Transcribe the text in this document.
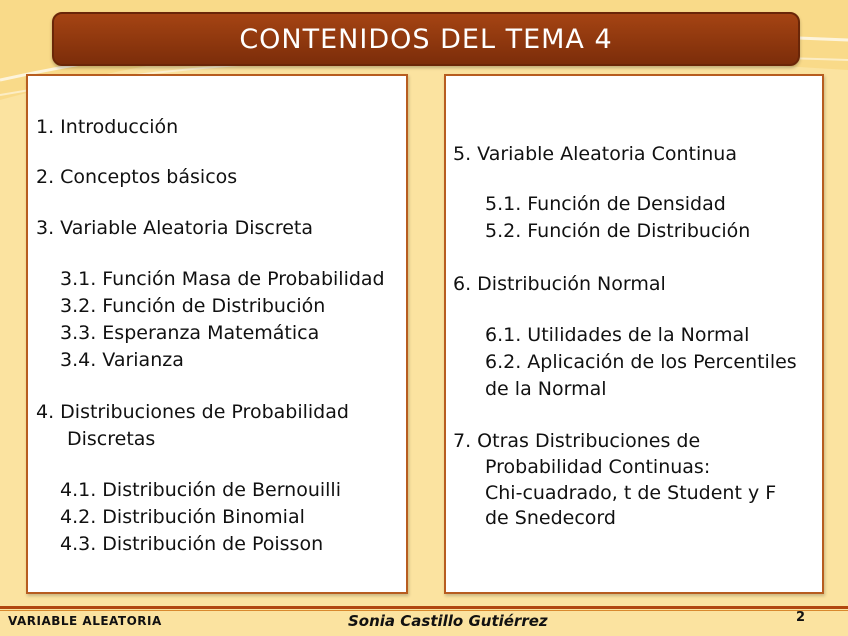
CONTENIDOS DEL TEMA 4
1. Introducción
2. Conceptos básicos
3. Variable Aleatoria Discreta
3.1. Función Masa de Probabilidad
3.2. Función de Distribución
3.3. Esperanza Matemática
3.4. Varianza
4. Distribuciones de Probabilidad
Discretas
4.1. Distribución de Bernouilli
4.2. Distribución Binomial
4.3. Distribución de Poisson
5. Variable Aleatoria Continua
5.1. Función de Densidad
5.2. Función de Distribución
6. Distribución Normal
6.1. Utilidades de la Normal
6.2. Aplicación de los Percentiles
de la Normal
7. Otras Distribuciones de
Probabilidad Continuas:
Chi-cuadrado, t de Student y F
de Snedecord
VARIABLE ALEATORIA	Sonia Castillo Gutiérrez	2
